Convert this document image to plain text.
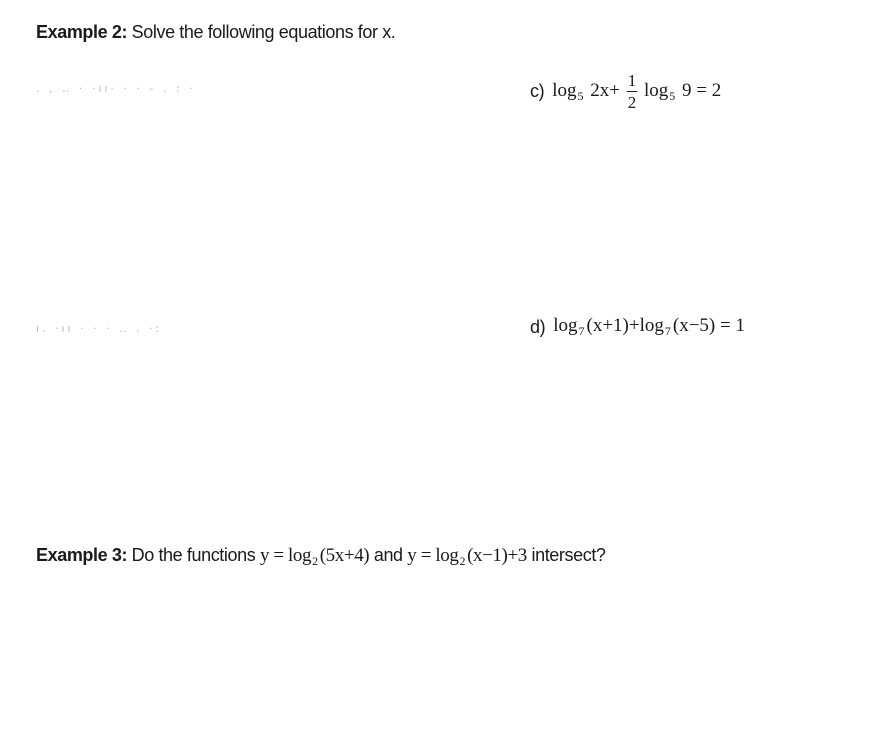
Example 2: Solve the following equations for x.
. , ‥ · ·ıı· · · - . : ·
ı. ·ıı · · · ‥ . ·:
c) $\log_5 2x+ \frac{1}{2} \log_5 9 = 2$
d) $\log_7 (x+1)+\log_7$ (x−5) = 1
Example 3: Do the functions $y = \log_2 (5x+4)$ and $y = \log_2 (x-1)+3$ intersect?
